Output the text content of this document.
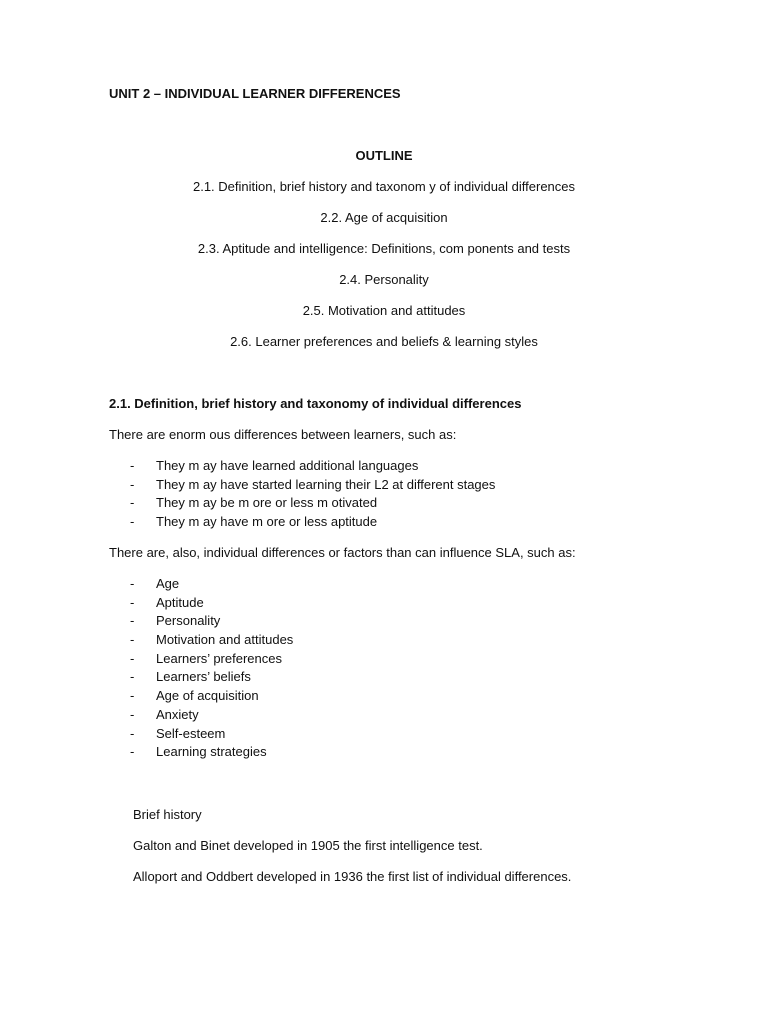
UNIT 2 – INDIVIDUAL LEARNER DIFFERENCES
OUTLINE
2.1. Definition, brief history and taxonom y of individual differences
2.2. Age of acquisition
2.3. Aptitude and intelligence: Definitions, com ponents and tests
2.4. Personality
2.5. Motivation and attitudes
2.6. Learner preferences and beliefs & learning styles
2.1. Definition, brief history and taxonomy of individual differences
There are enorm ous differences between learners, such as:
- They m ay have learned additional languages
- They m ay have started learning their L2 at different stages
- They m ay be m ore or less m otivated
- They m ay have m ore or less aptitude
There are, also, individual differences or factors than can influence SLA, such as:
- Age
- Aptitude
- Personality
- Motivation and attitudes
- Learners’ preferences
- Learners’ beliefs
- Age of acquisition
- Anxiety
- Self-esteem
- Learning strategies
Brief history
Galton and Binet developed in 1905 the first intelligence test.
Alloport and Oddbert developed in 1936 the first list of individual differences.
